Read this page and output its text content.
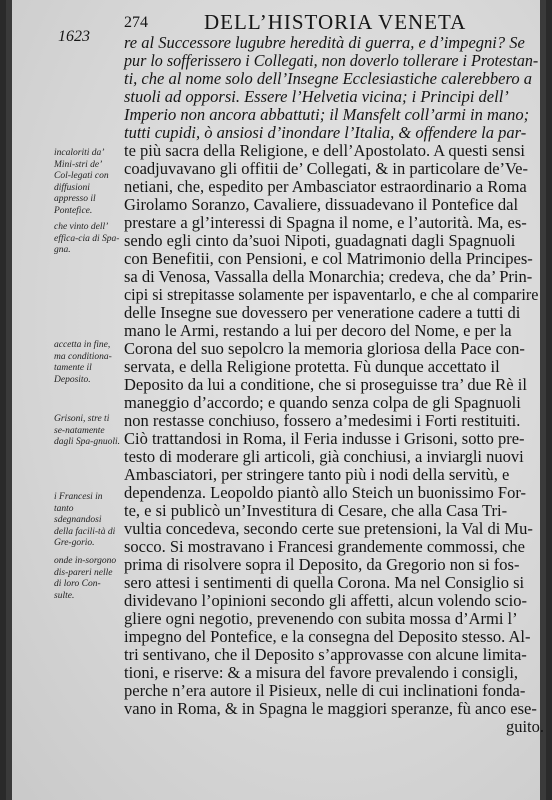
274	DELL’HISTORIA VENETA
1623
incaloriti da’ Mini-stri de’ Col-legati con diffusioni appresso il Pontefice.
che vinto dell’ effica-cia di Spa-gna.
accetta in fine, ma conditiona-tamente il Deposito.
Grisoni, stre ti se-natamente dagli Spa-gnuoli.
i Francesi in tanto sdegnandosi della facili-tà di Gre-gorio.
onde in-sorgono dis-pareri nelle di loro Con-sulte.
re al Successore lugubre heredità di guerra, e d’impegni? Se
pur lo sofferissero i Collegati, non doverlo tollerare i Protestan-
ti, che al nome solo dell’Insegne Ecclesiastiche calerebbero a
stuoli ad opporsi. Essere l’Helvetia vicina; i Principi dell’
Imperio non ancora abbattuti; il Mansfelt coll’armi in mano;
tutti cupidi, ò ansiosi d’inondare l’Italia, & offendere la par-
te più sacra della Religione, e dell’Apostolato. A questi sensi
coadjuvavano gli offitii de’ Collegati, & in particolare de’Ve-
netiani, che, espedito per Ambasciator estraordinario a Roma
Girolamo Soranzo, Cavaliere, dissuadevano il Pontefice dal
prestare a gl’interessi di Spagna il nome, e l’autorità. Ma, es-
sendo egli cinto da’suoi Nipoti, guadagnati dagli Spagnuoli
con Benefitii, con Pensioni, e col Matrimonio della Principes-
sa di Venosa, Vassalla della Monarchia; credeva, che da’ Prin-
cipi si strepitasse solamente per ispaventarlo, e che al comparire
delle Insegne sue dovessero per veneratione cadere a tutti di
mano le Armi, restando a lui per decoro del Nome, e per la
Corona del suo sepolcro la memoria gloriosa della Pace con-
servata, e della Religione protetta. Fù dunque accettato il
Deposito da lui a conditione, che si proseguisse tra’ due Rè il
maneggio d’accordo; e quando senza colpa de gli Spagnuoli
non restasse conchiuso, fossero a’medesimi i Forti restituiti.
Ciò trattandosi in Roma, il Feria indusse i Grisoni, sotto pre-
testo di moderare gli articoli, già conchiusi, a inviargli nuovi
Ambasciatori, per stringere tanto più i nodi della servitù, e
dependenza. Leopoldo piantò allo Steich un buonissimo For-
te, e si publicò un’Investitura di Cesare, che alla Casa Tri-
vultia concedeva, secondo certe sue pretensioni, la Val di Mu-
socco. Si mostravano i Francesi grandemente commossi, che
prima di risolvere sopra il Deposito, da Gregorio non si fos-
sero attesi i sentimenti di quella Corona. Ma nel Consiglio si
dividevano l’opinioni secondo gli affetti, alcun volendo scio-
gliere ogni negotio, prevenendo con subita mossa d’Armi l’
impegno del Pontefice, e la consegna del Deposito stesso. Al-
tri sentivano, che il Deposito s’approvasse con alcune limita-
tioni, e riserve: & a misura del favore prevalendo i consigli,
perche n’era autore il Pisieux, nelle di cui inclinationi fonda-
vano in Roma, & in Spagna le maggiori speranze, fù anco ese-
guito.
